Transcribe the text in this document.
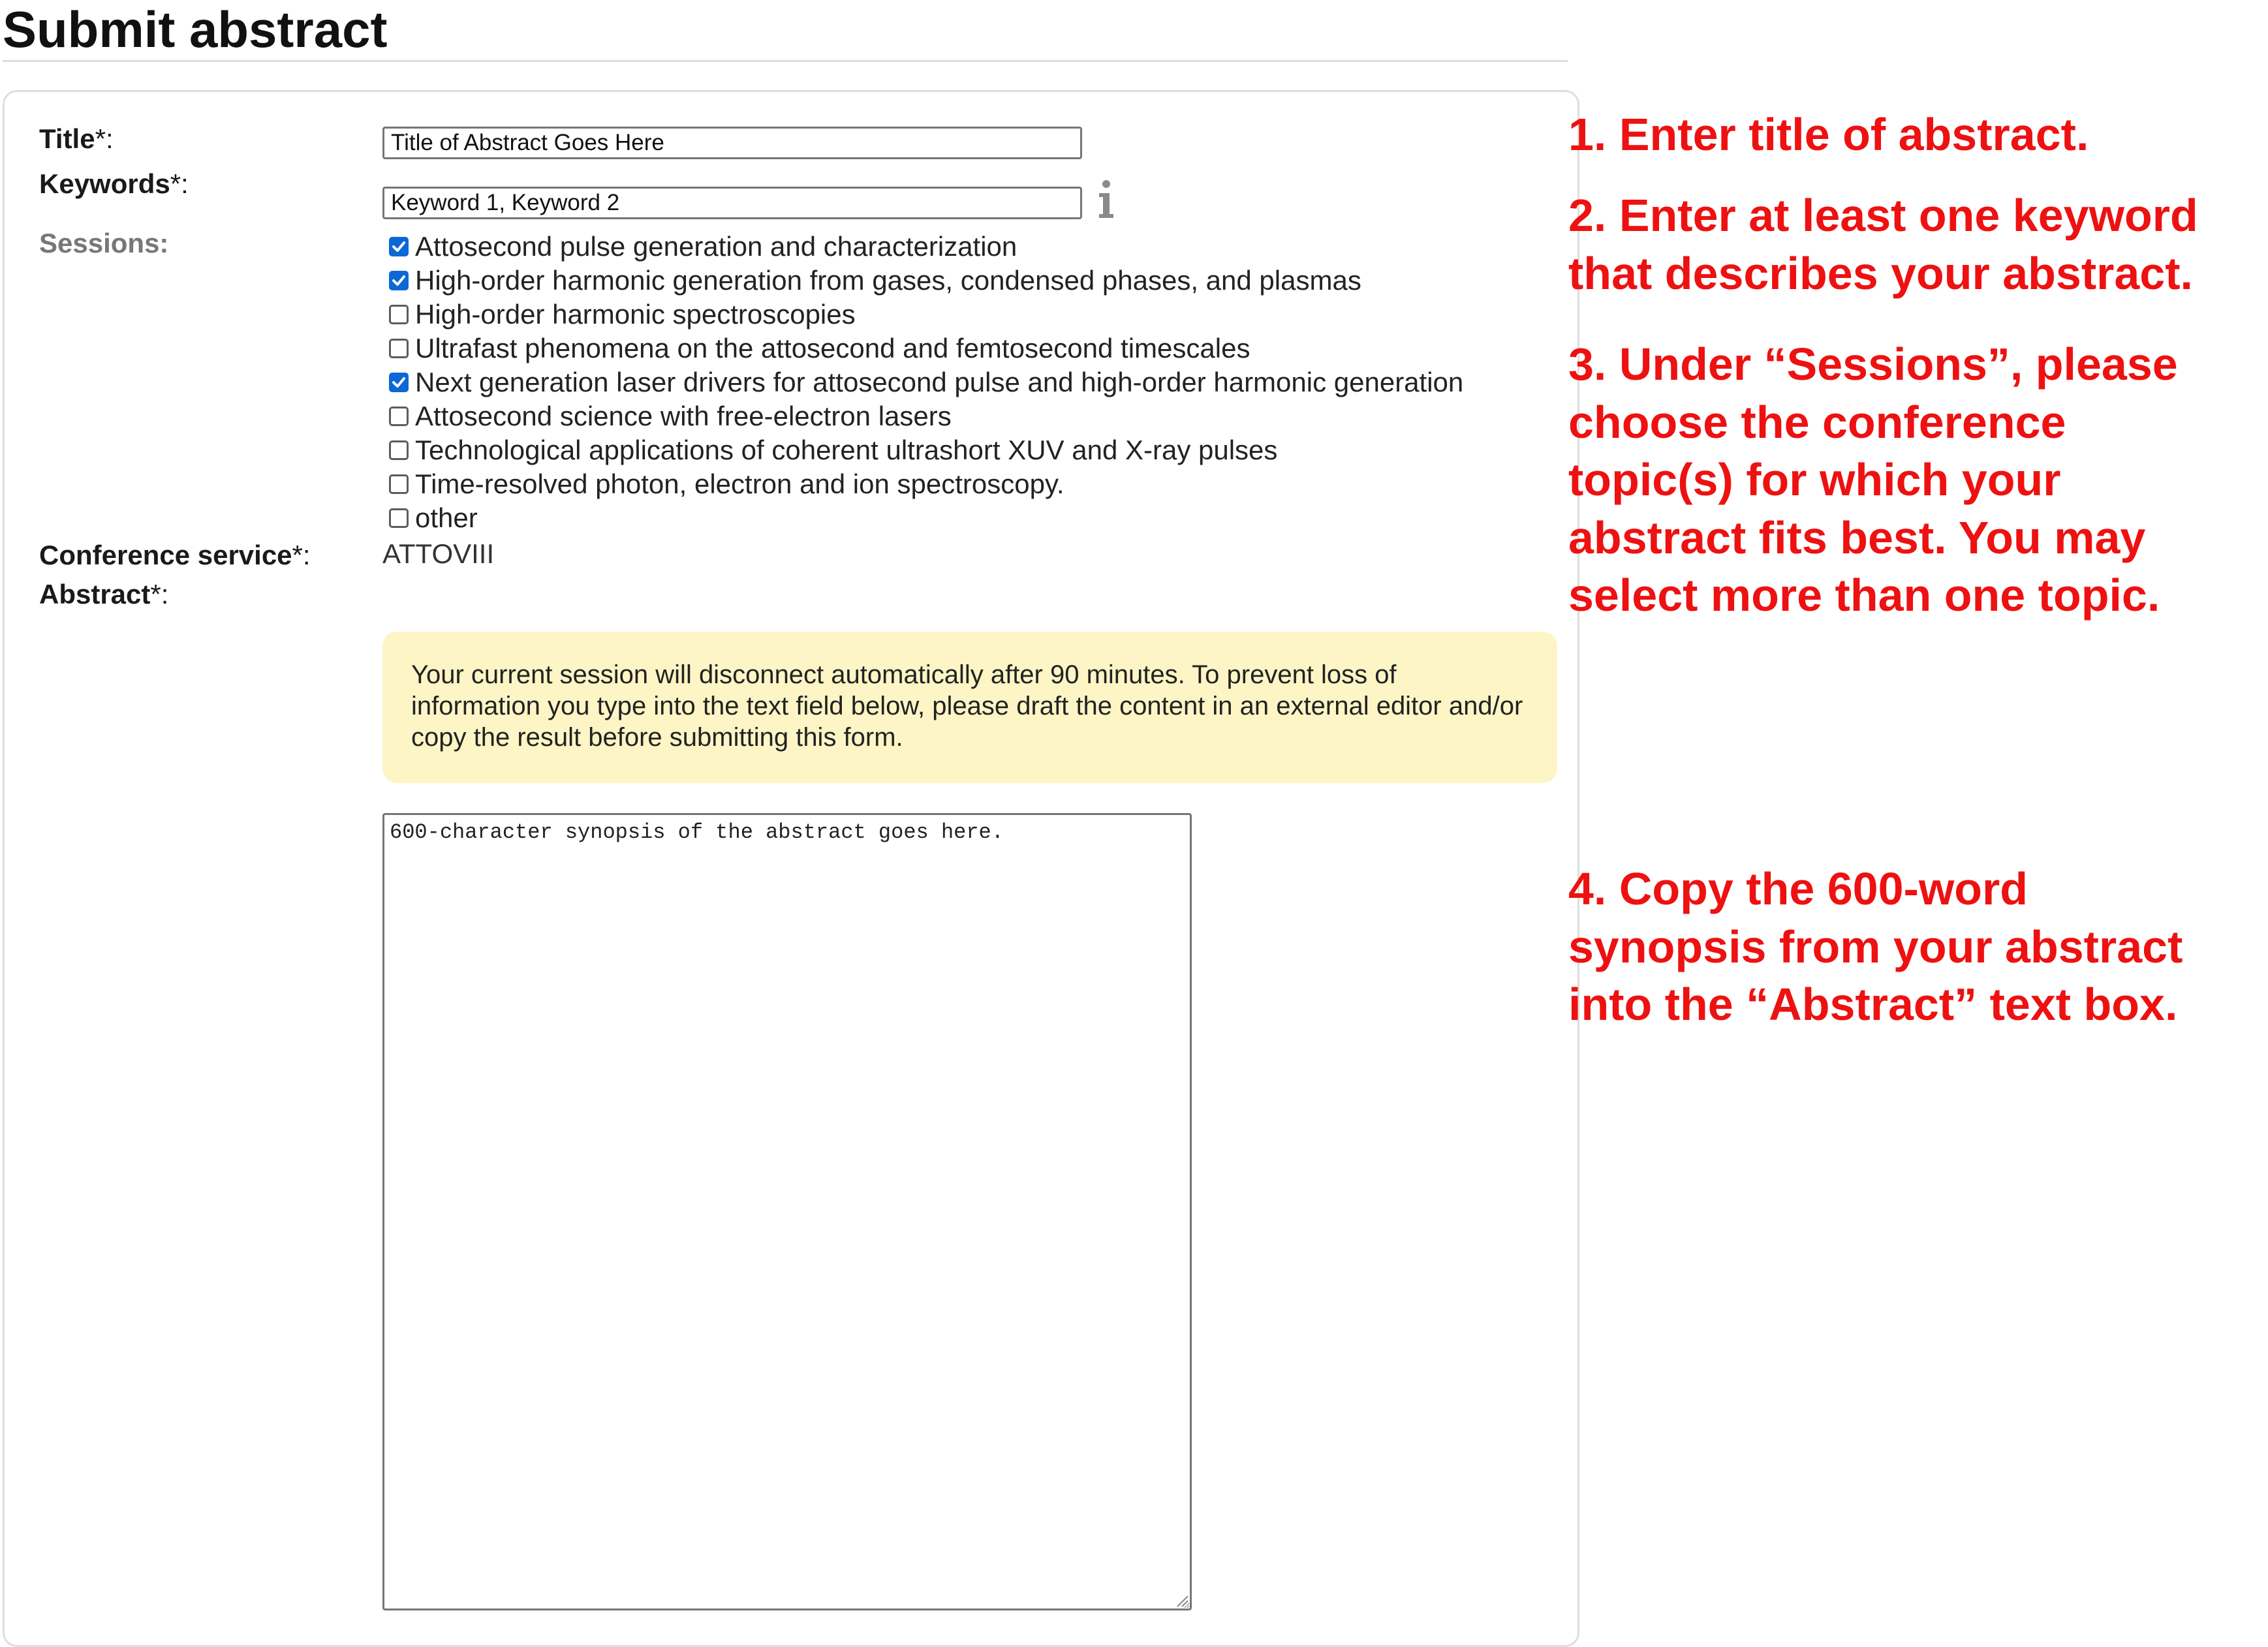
Submit abstract
Title*:
Keywords*:
Sessions:
Conference service*:
Abstract*:
Title of Abstract Goes Here
Keyword 1, Keyword 2
Attosecond pulse generation and characterization
High-order harmonic generation from gases, condensed phases, and plasmas
High-order harmonic spectroscopies
Ultrafast phenomena on the attosecond and femtosecond timescales
Next generation laser drivers for attosecond pulse and high-order harmonic generation
Attosecond science with free-electron lasers
Technological applications of coherent ultrashort XUV and X-ray pulses
Time-resolved photon, electron and ion spectroscopy.
other
ATTOVIII
Your current session will disconnect automatically after 90 minutes. To prevent loss of information you type into the text field below, please draft the content in an external editor and/or copy the result before submitting this form.
600-character synopsis of the abstract goes here.
1. Enter title of abstract.
2. Enter at least one keyword
that describes your abstract.
3. Under “Sessions”, please
choose the conference
topic(s) for which your
abstract fits best. You may
select more than one topic.
4. Copy the 600-word
synopsis from your abstract
into the “Abstract” text box.
